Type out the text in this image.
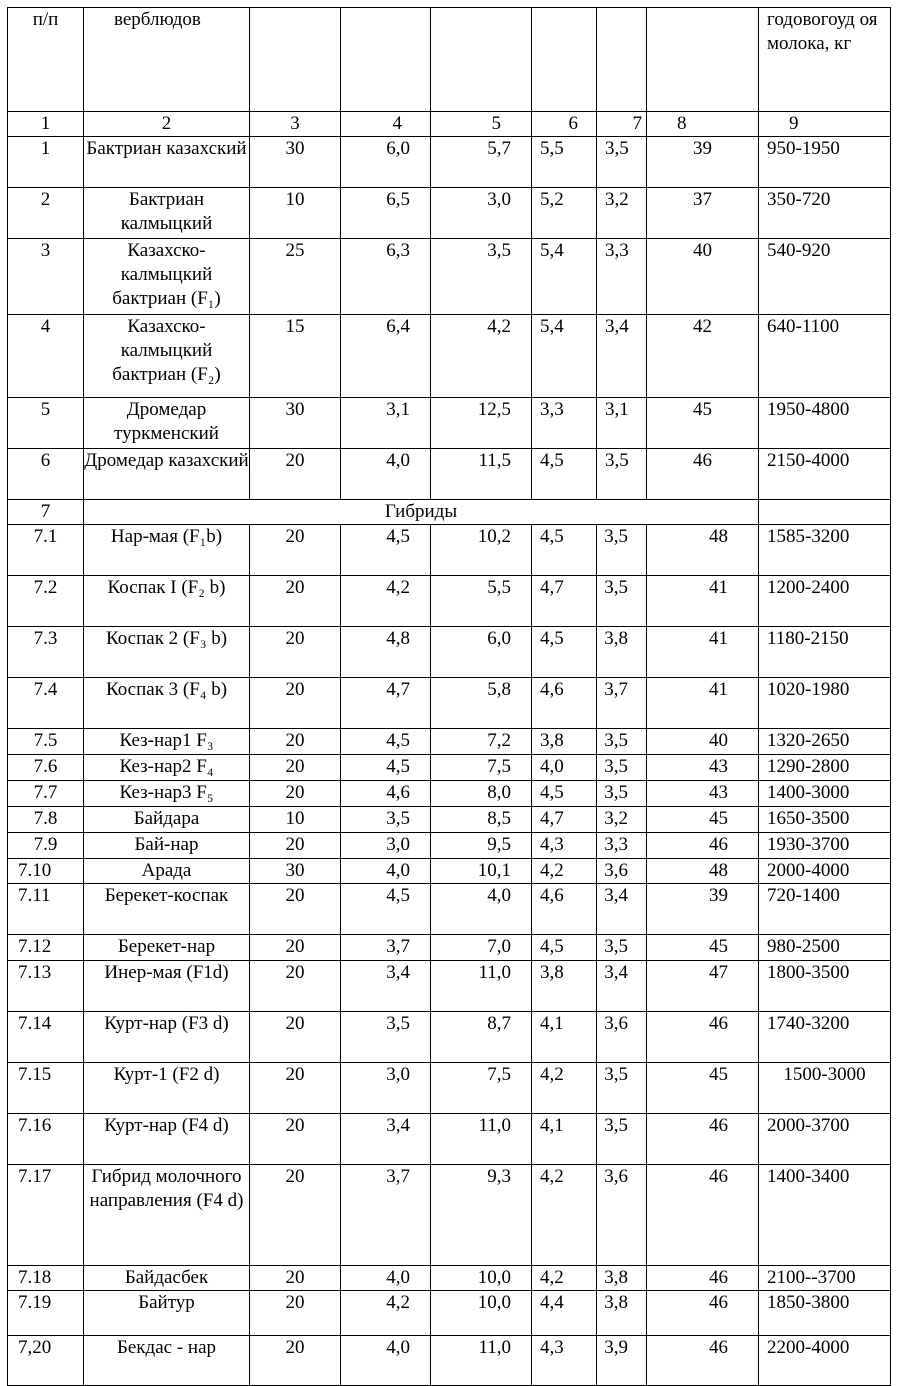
п/п	верблюдов							годовогоуд оя молока, кг
1	2	3	4	5	6	7	8	9
1	Бактриан казахский	30	6,0	5,7	5,5	3,5	39	950-1950
2	Бактриан калмыцкий	10	6,5	3,0	5,2	3,2	37	350-720
3	Казахско-калмыцкий бактриан (F₁)	25	6,3	3,5	5,4	3,3	40	540-920
4	Казахско-калмыцкий бактриан (F₂)	15	6,4	4,2	5,4	3,4	42	640-1100
5	Дромедар туркменский	30	3,1	12,5	3,3	3,1	45	1950-4800
6	Дромедар казахский	20	4,0	11,5	4,5	3,5	46	2150-4000
7	Гибриды							
7.1	Нар-мая (F₁b)	20	4,5	10,2	4,5	3,5	48	1585-3200
7.2	Коспак I (F₂ b)	20	4,2	5,5	4,7	3,5	41	1200-2400
7.3	Коспак 2 (F₃ b)	20	4,8	6,0	4,5	3,8	41	1180-2150
7.4	Коспак 3 (F₄ b)	20	4,7	5,8	4,6	3,7	41	1020-1980
7.5	Кез-нар1 F₃	20	4,5	7,2	3,8	3,5	40	1320-2650
7.6	Кез-нар2 F₄	20	4,5	7,5	4,0	3,5	43	1290-2800
7.7	Кез-нар3 F₅	20	4,6	8,0	4,5	3,5	43	1400-3000
7.8	Байдара	10	3,5	8,5	4,7	3,2	45	1650-3500
7.9	Бай-нар	20	3,0	9,5	4,3	3,3	46	1930-3700
7.10	Арада	30	4,0	10,1	4,2	3,6	48	2000-4000
7.11	Берекет-коспак	20	4,5	4,0	4,6	3,4	39	720-1400
7.12	Берекет-нар	20	3,7	7,0	4,5	3,5	45	980-2500
7.13	Инер-мая (F1d)	20	3,4	11,0	3,8	3,4	47	1800-3500
7.14	Курт-нар (F3 d)	20	3,5	8,7	4,1	3,6	46	1740-3200
7.15	Курт-1 (F2 d)	20	3,0	7,5	4,2	3,5	45	1500-3000
7.16	Курт-нар (F4 d)	20	3,4	11,0	4,1	3,5	46	2000-3700
7.17	Гибрид молочного направления (F4 d)	20	3,7	9,3	4,2	3,6	46	1400-3400
7.18	Байдасбек	20	4,0	10,0	4,2	3,8	46	2100--3700
7.19	Байтур	20	4,2	10,0	4,4	3,8	46	1850-3800
7,20	Бекдас - нар	20	4,0	11,0	4,3	3,9	46	2200-4000
